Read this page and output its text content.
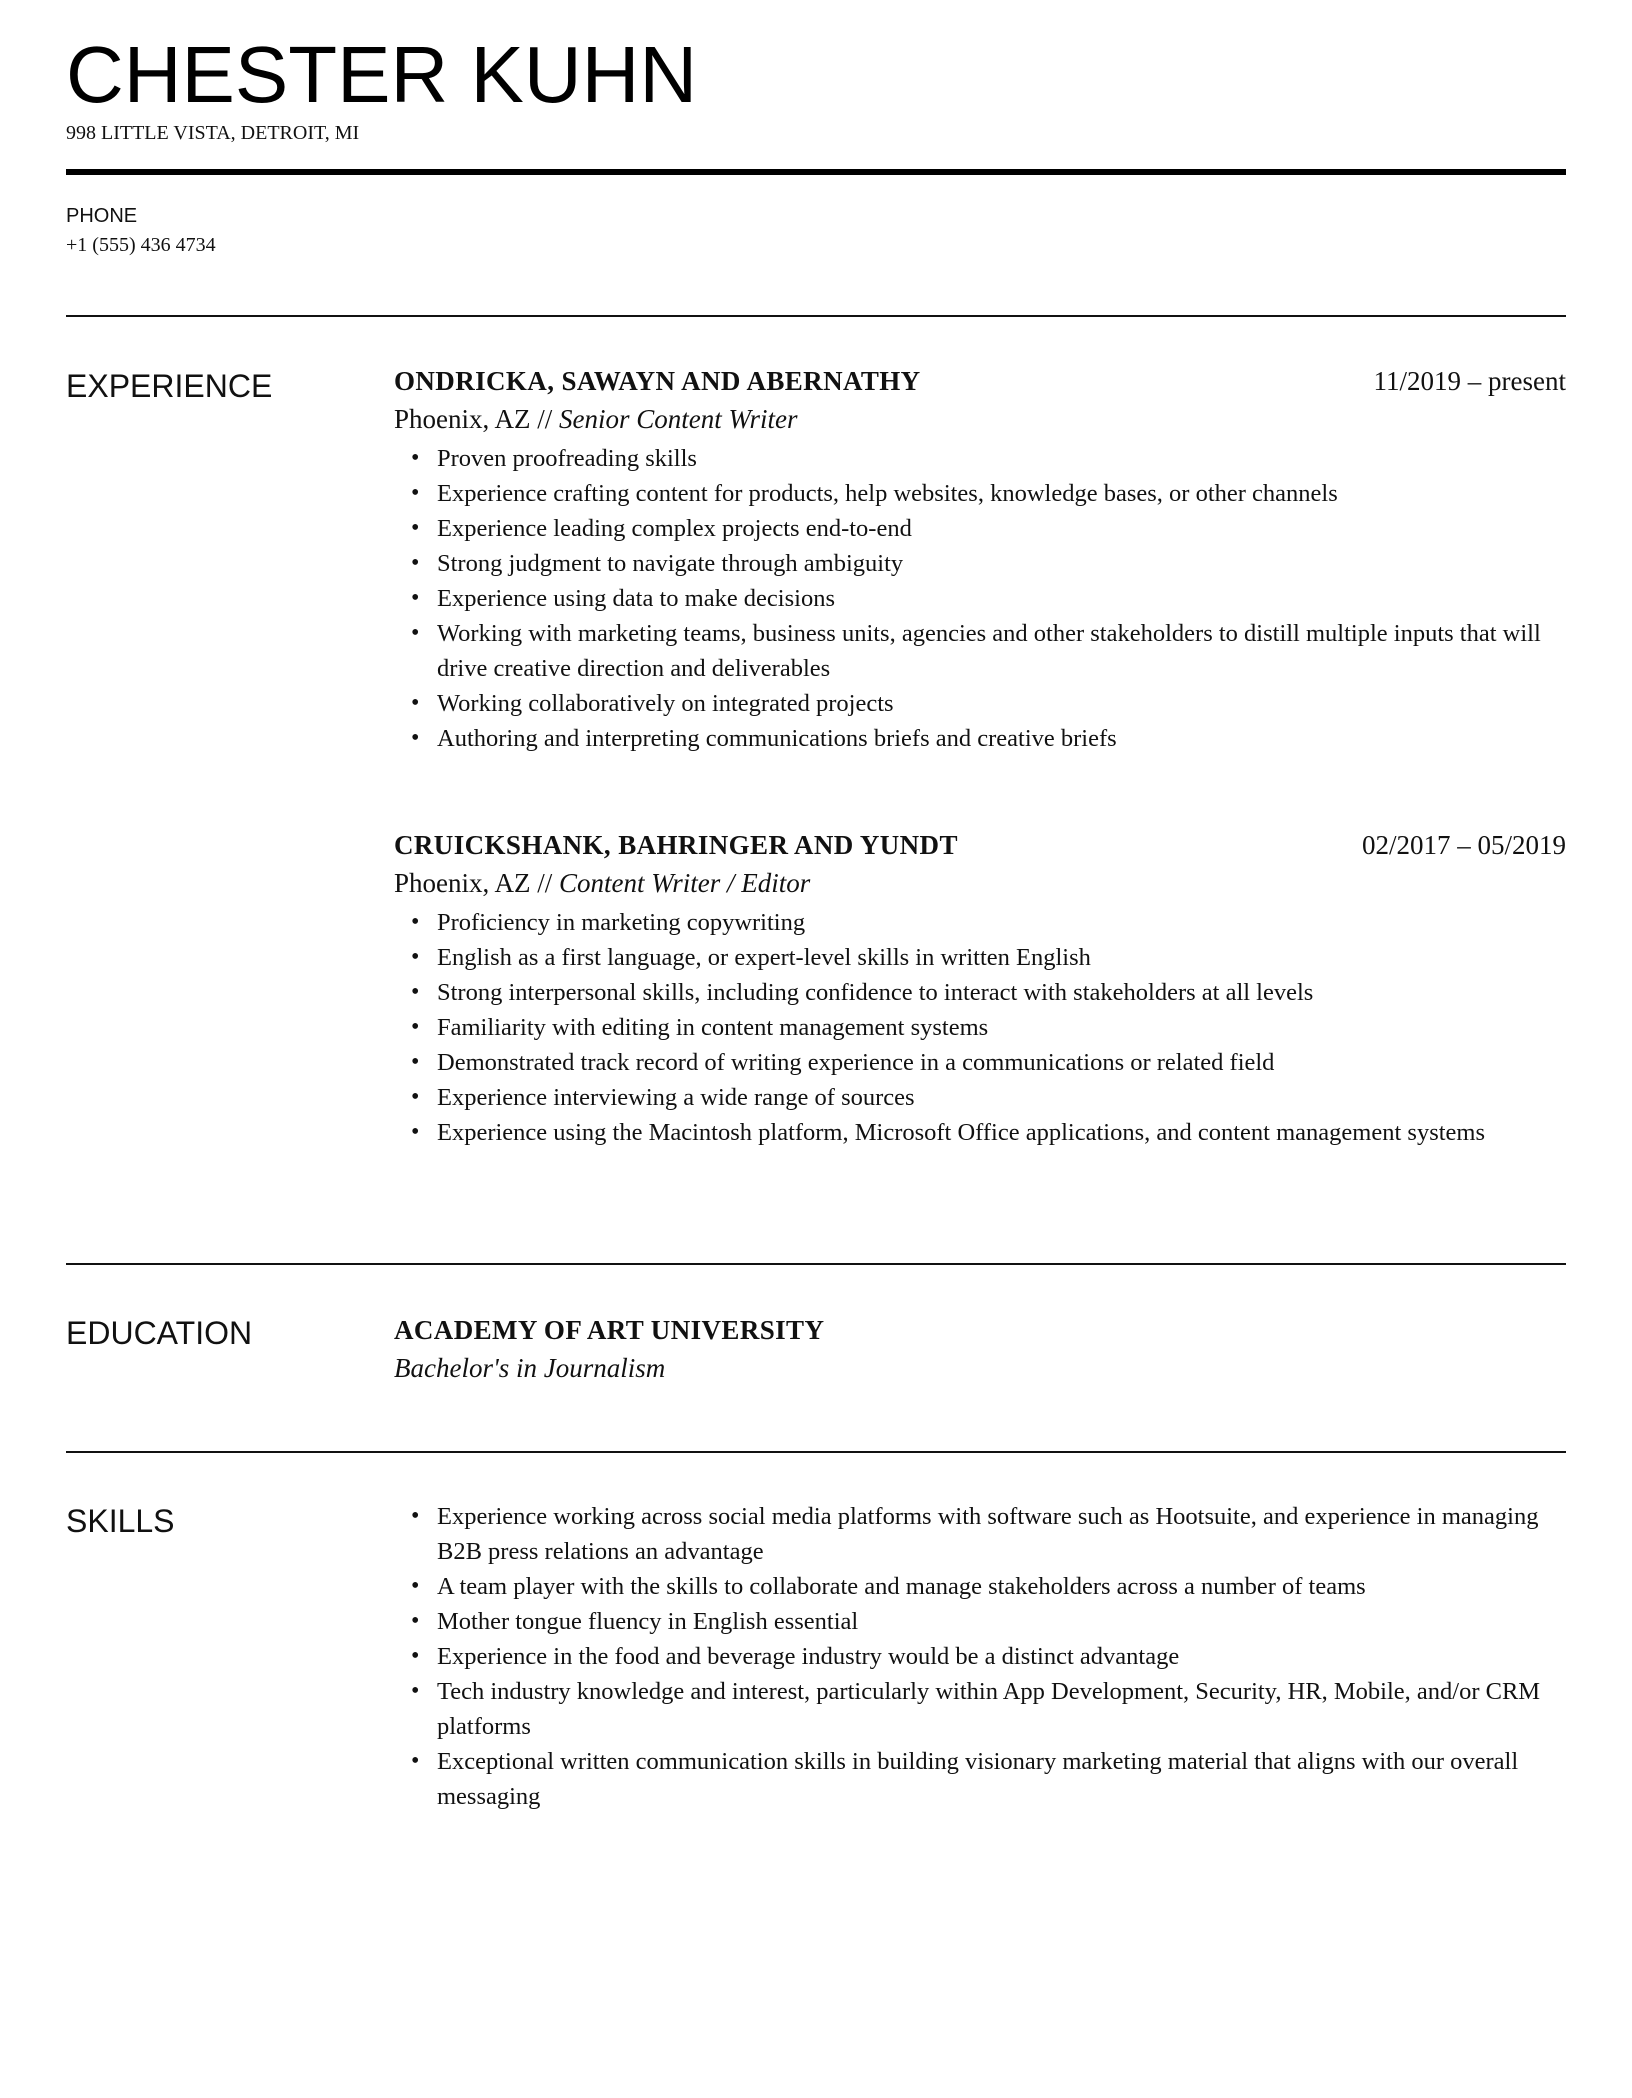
CHESTER KUHN
998 LITTLE VISTA, DETROIT, MI
PHONE
+1 (555) 436 4734
EXPERIENCE	ONDRICKA, SAWAYN AND ABERNATHY	11/2019 – present
Phoenix, AZ // Senior Content Writer
• Proven proofreading skills
• Experience crafting content for products, help websites, knowledge bases, or other channels
• Experience leading complex projects end-to-end
• Strong judgment to navigate through ambiguity
• Experience using data to make decisions
• Working with marketing teams, business units, agencies and other stakeholders to distill multiple inputs that will drive creative direction and deliverables
• Working collaboratively on integrated projects
• Authoring and interpreting communications briefs and creative briefs
CRUICKSHANK, BAHRINGER AND YUNDT	02/2017 – 05/2019
Phoenix, AZ // Content Writer / Editor
• Proficiency in marketing copywriting
• English as a first language, or expert-level skills in written English
• Strong interpersonal skills, including confidence to interact with stakeholders at all levels
• Familiarity with editing in content management systems
• Demonstrated track record of writing experience in a communications or related field
• Experience interviewing a wide range of sources
• Experience using the Macintosh platform, Microsoft Office applications, and content management systems
EDUCATION	ACADEMY OF ART UNIVERSITY
Bachelor's in Journalism
SKILLS
•	Experience working across social media platforms with software such as Hootsuite, and experience in managing B2B press relations an advantage
• A team player with the skills to collaborate and manage stakeholders across a number of teams
• Mother tongue fluency in English essential
• Experience in the food and beverage industry would be a distinct advantage
• Tech industry knowledge and interest, particularly within App Development, Security, HR, Mobile, and/or CRM platforms
• Exceptional written communication skills in building visionary marketing material that aligns with our overall messaging
